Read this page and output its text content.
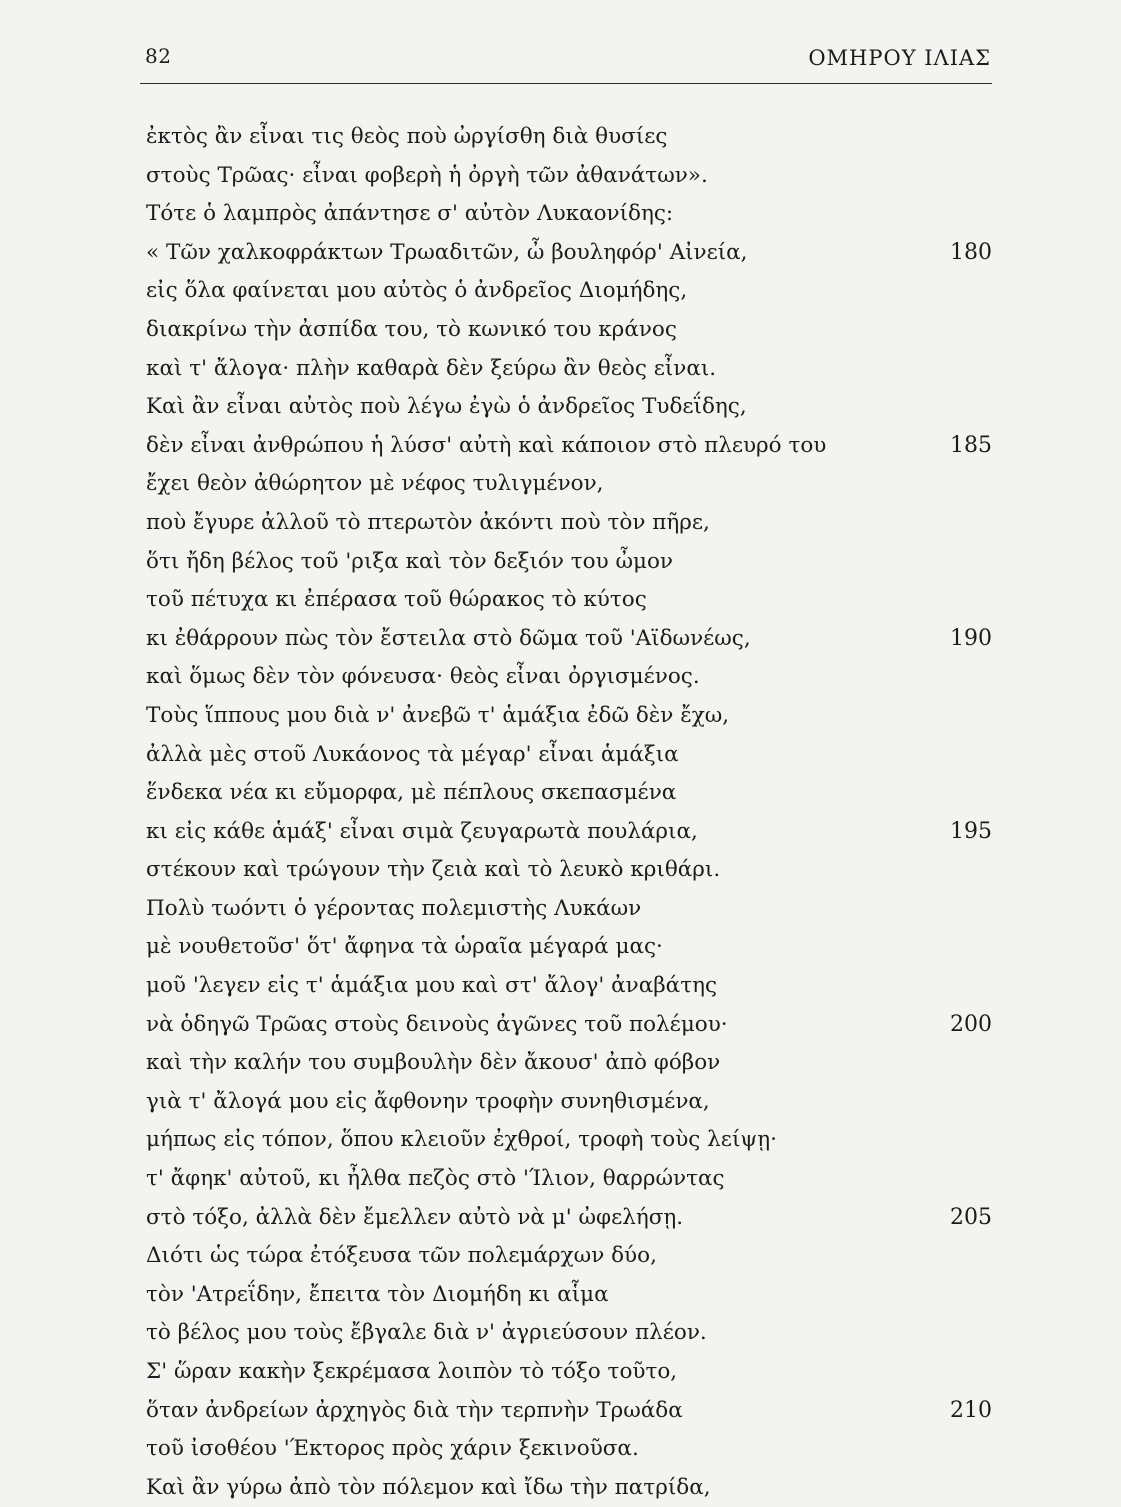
82	ΟΜΗΡΟΥ ΙΛΙΑΣ
ἐκτὸς ἂν εἶναι τις θεὸς ποὺ ὠργίσθη διὰ θυσίες
στοὺς Τρῶας· εἶναι φοβερὴ ἡ ὀργὴ τῶν ἀθανάτων».
Τότε ὁ λαμπρὸς ἀπάντησε σ' αὐτὸν Λυκαονίδης:
« Τῶν χαλκοφράκτων Τρωαδιτῶν, ὦ βουληφόρ' Αἰνεία,	180
εἰς ὅλα φαίνεται μου αὐτὸς ὁ ἀνδρεῖος Διομήδης,
διακρίνω τὴν ἀσπίδα του, τὸ κωνικό του κράνος
καὶ τ' ἄλογα· πλὴν καθαρὰ δὲν ξεύρω ἂν θεὸς εἶναι.
Καὶ ἂν εἶναι αὐτὸς ποὺ λέγω ἐγὼ ὁ ἀνδρεῖος Τυδεΐδης,
δὲν εἶναι ἀνθρώπου ἡ λύσσ' αὐτὴ καὶ κάποιον στὸ πλευρό του	185
ἔχει θεὸν ἀθώρητον μὲ νέφος τυλιγμένον,
ποὺ ἔγυρε ἀλλοῦ τὸ πτερωτὸν ἀκόντι ποὺ τὸν πῆρε,
ὅτι ἤδη βέλος τοῦ 'ριξα καὶ τὸν δεξιόν του ὦμον
τοῦ πέτυχα κι ἐπέρασα τοῦ θώρακος τὸ κύτος
κι ἐθάρρουν πὼς τὸν ἔστειλα στὸ δῶμα τοῦ 'Αϊδωνέως,	190
καὶ ὅμως δὲν τὸν φόνευσα· θεὸς εἶναι ὀργισμένος.
Τοὺς ἵππους μου διὰ ν' ἀνεβῶ τ' ἁμάξια ἐδῶ δὲν ἔχω,
ἀλλὰ μὲς στοῦ Λυκάονος τὰ μέγαρ' εἶναι ἁμάξια
ἕνδεκα νέα κι εὔμορφα, μὲ πέπλους σκεπασμένα
κι εἰς κάθε ἁμάξ' εἶναι σιμὰ ζευγαρωτὰ πουλάρια,	195
στέκουν καὶ τρώγουν τὴν ζειὰ καὶ τὸ λευκὸ κριθάρι.
Πολὺ τωόντι ὁ γέροντας πολεμιστὴς Λυκάων
μὲ νουθετοῦσ' ὅτ' ἄφηνα τὰ ὡραῖα μέγαρά μας·
μοῦ 'λεγεν εἰς τ' ἁμάξια μου καὶ στ' ἄλογ' ἀναβάτης
νὰ ὁδηγῶ Τρῶας στοὺς δεινοὺς ἀγῶνες τοῦ πολέμου·	200
καὶ τὴν καλήν του συμβουλὴν δὲν ἄκουσ' ἀπὸ φόβον
γιὰ τ' ἄλογά μου εἰς ἄφθονην τροφὴν συνηθισμένα,
μήπως εἰς τόπον, ὅπου κλειοῦν ἐχθροί, τροφὴ τοὺς λείψῃ·
τ' ἄφηκ' αὐτοῦ, κι ἦλθα πεζὸς στὸ 'Ίλιον, θαρρώντας
στὸ τόξο, ἀλλὰ δὲν ἔμελλεν αὐτὸ νὰ μ' ὠφελήσῃ.	205
Διότι ὡς τώρα ἐτόξευσα τῶν πολεμάρχων δύο,
τὸν 'Ατρεΐδην, ἔπειτα τὸν Διομήδη κι αἷμα
τὸ βέλος μου τοὺς ἔβγαλε διὰ ν' ἀγριεύσουν πλέον.
Σ' ὥραν κακὴν ξεκρέμασα λοιπὸν τὸ τόξο τοῦτο,
ὅταν ἀνδρείων ἀρχηγὸς διὰ τὴν τερπνὴν Τρωάδα	210
τοῦ ἰσοθέου 'Έκτορος πρὸς χάριν ξεκινοῦσα.
Καὶ ἂν γύρω ἀπὸ τὸν πόλεμον καὶ ἴδω τὴν πατρίδα,
